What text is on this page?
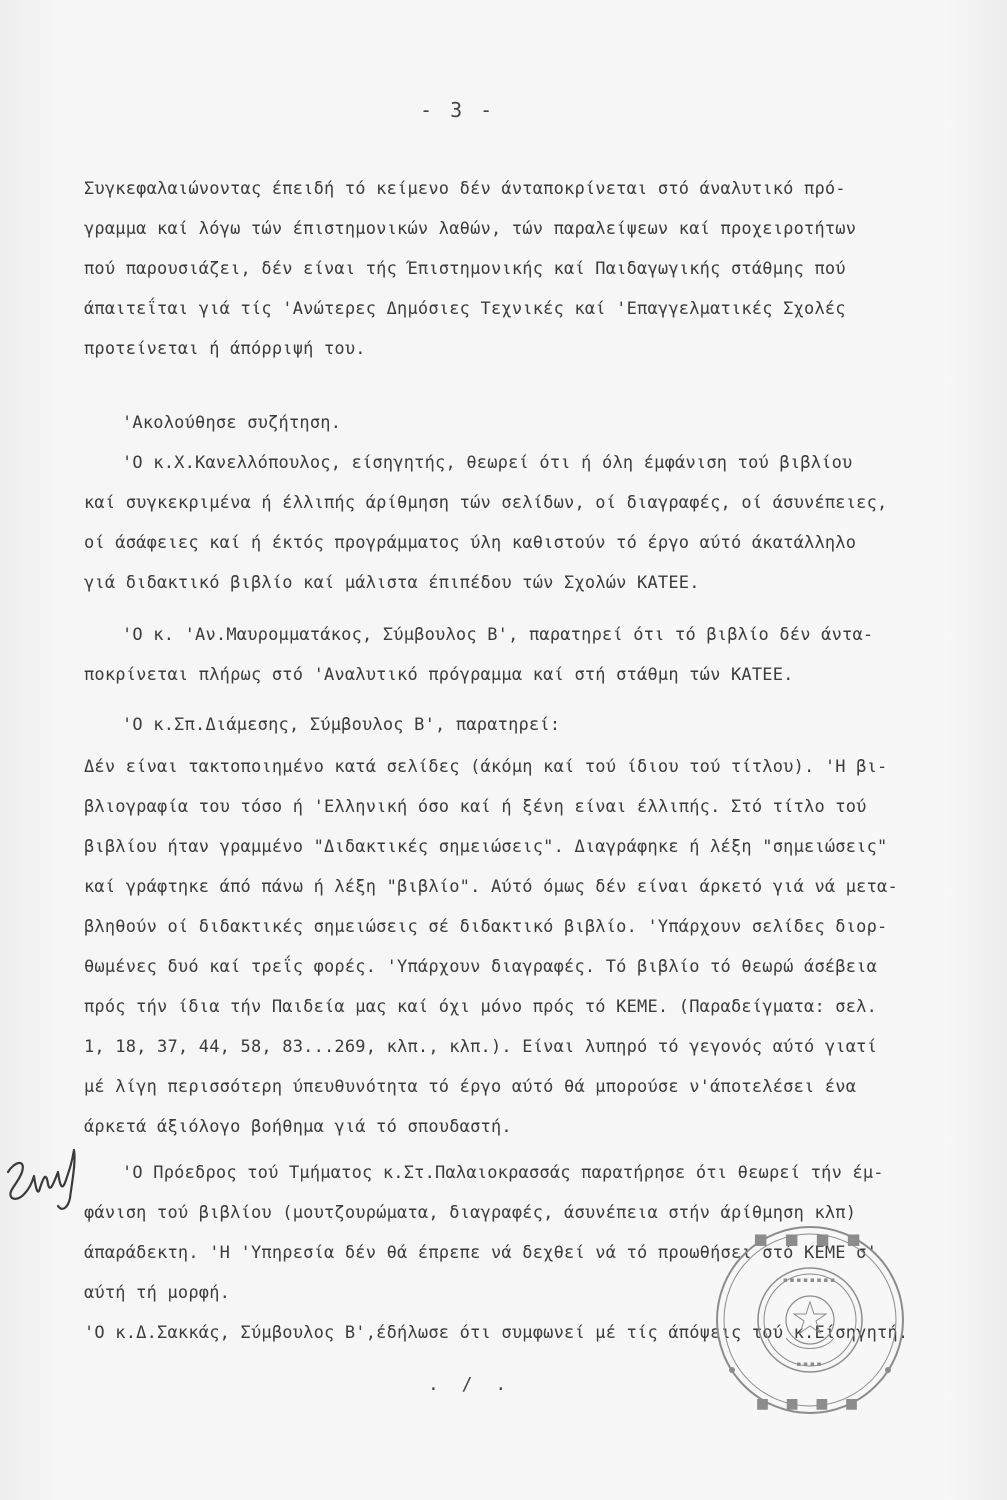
- 3 -
Συγκεφαλαιώνοντας έπειδή τό κείμενο δέν άνταποκρίνεται στό άναλυτικό πρό-
γραμμα καί λόγω τών έπιστημονικών λαθών, τών παραλείψεων καί προχειροτήτων
πού παρουσιάζει, δέν είναι τής Έπιστημονικής καί Παιδαγωγικής στάθμης πού
άπαιτεΐται γιά τίς 'Ανώτερες Δημόσιες Τεχνικές καί 'Επαγγελματικές Σχολές
προτείνεται ή άπόρριψή του.
'Ακολούθησε συζήτηση.
'Ο κ.Χ.Κανελλόπουλος, είσηγητής, θεωρεί ότι ή όλη έμφάνιση τού βιβλίου
καί συγκεκριμένα ή έλλιπής άρίθμηση τών σελίδων, οί διαγραφές, οί άσυνέπειες,
οί άσάφειες καί ή έκτός προγράμματος ύλη καθιστούν τό έργο αύτό άκατάλληλο
γιά διδακτικό βιβλίο καί μάλιστα έπιπέδου τών Σχολών ΚΑΤΕΕ.
'Ο κ. 'Αν.Μαυρομματάκος, Σύμβουλος Β', παρατηρεί ότι τό βιβλίο δέν άντα-
ποκρίνεται πλήρως στό 'Αναλυτικό πρόγραμμα καί στή στάθμη τών ΚΑΤΕΕ.
'Ο κ.Σπ.Διάμεσης, Σύμβουλος Β', παρατηρεί:
Δέν είναι τακτοποιημένο κατά σελίδες (άκόμη καί τού ίδιου τού τίτλου). 'Η βι-
βλιογραφία του τόσο ή 'Ελληνική όσο καί ή ξένη είναι έλλιπής. Στό τίτλο τού
βιβλίου ήταν γραμμένο "Διδακτικές σημειώσεις". Διαγράφηκε ή λέξη "σημειώσεις"
καί γράφτηκε άπό πάνω ή λέξη "βιβλίο". Αύτό όμως δέν είναι άρκετό γιά νά μετα-
βληθούν οί διδακτικές σημειώσεις σέ διδακτικό βιβλίο. 'Υπάρχουν σελίδες διορ-
θωμένες δυό καί τρεΐς φορές. 'Υπάρχουν διαγραφές. Τό βιβλίο τό θεωρώ άσέβεια
πρός τήν ίδια τήν Παιδεία μας καί όχι μόνο πρός τό ΚΕΜΕ. (Παραδείγματα: σελ.
1, 18, 37, 44, 58, 83...269, κλπ., κλπ.). Είναι λυπηρό τό γεγονός αύτό γιατί
μέ λίγη περισσότερη ύπευθυνότητα τό έργο αύτό θά μπορούσε ν'άποτελέσει ένα
άρκετά άξιόλογο βοήθημα γιά τό σπουδαστή.
'Ο Πρόεδρος τού Τμήματος κ.Στ.Παλαιοκρασσάς παρατήρησε ότι θεωρεί τήν έμ-
φάνιση τού βιβλίου (μουτζουρώματα, διαγραφές, άσυνέπεια στήν άρίθμηση κλπ)
άπαράδεκτη. 'Η 'Υπηρεσία δέν θά έπρεπε νά δεχθεί νά τό προωθήσει στό ΚΕΜΕ σ'
αύτή τή μορφή.
'Ο κ.Δ.Σακκάς, Σύμβουλος Β',έδήλωσε ότι συμφωνεί μέ τίς άπόψεις τού κ.Είσηγητή.
. / .
■ ■ ■ ■
■ ■ ■ ■
▪▪▪▪▪▪▪▪
▪▪▪▪
